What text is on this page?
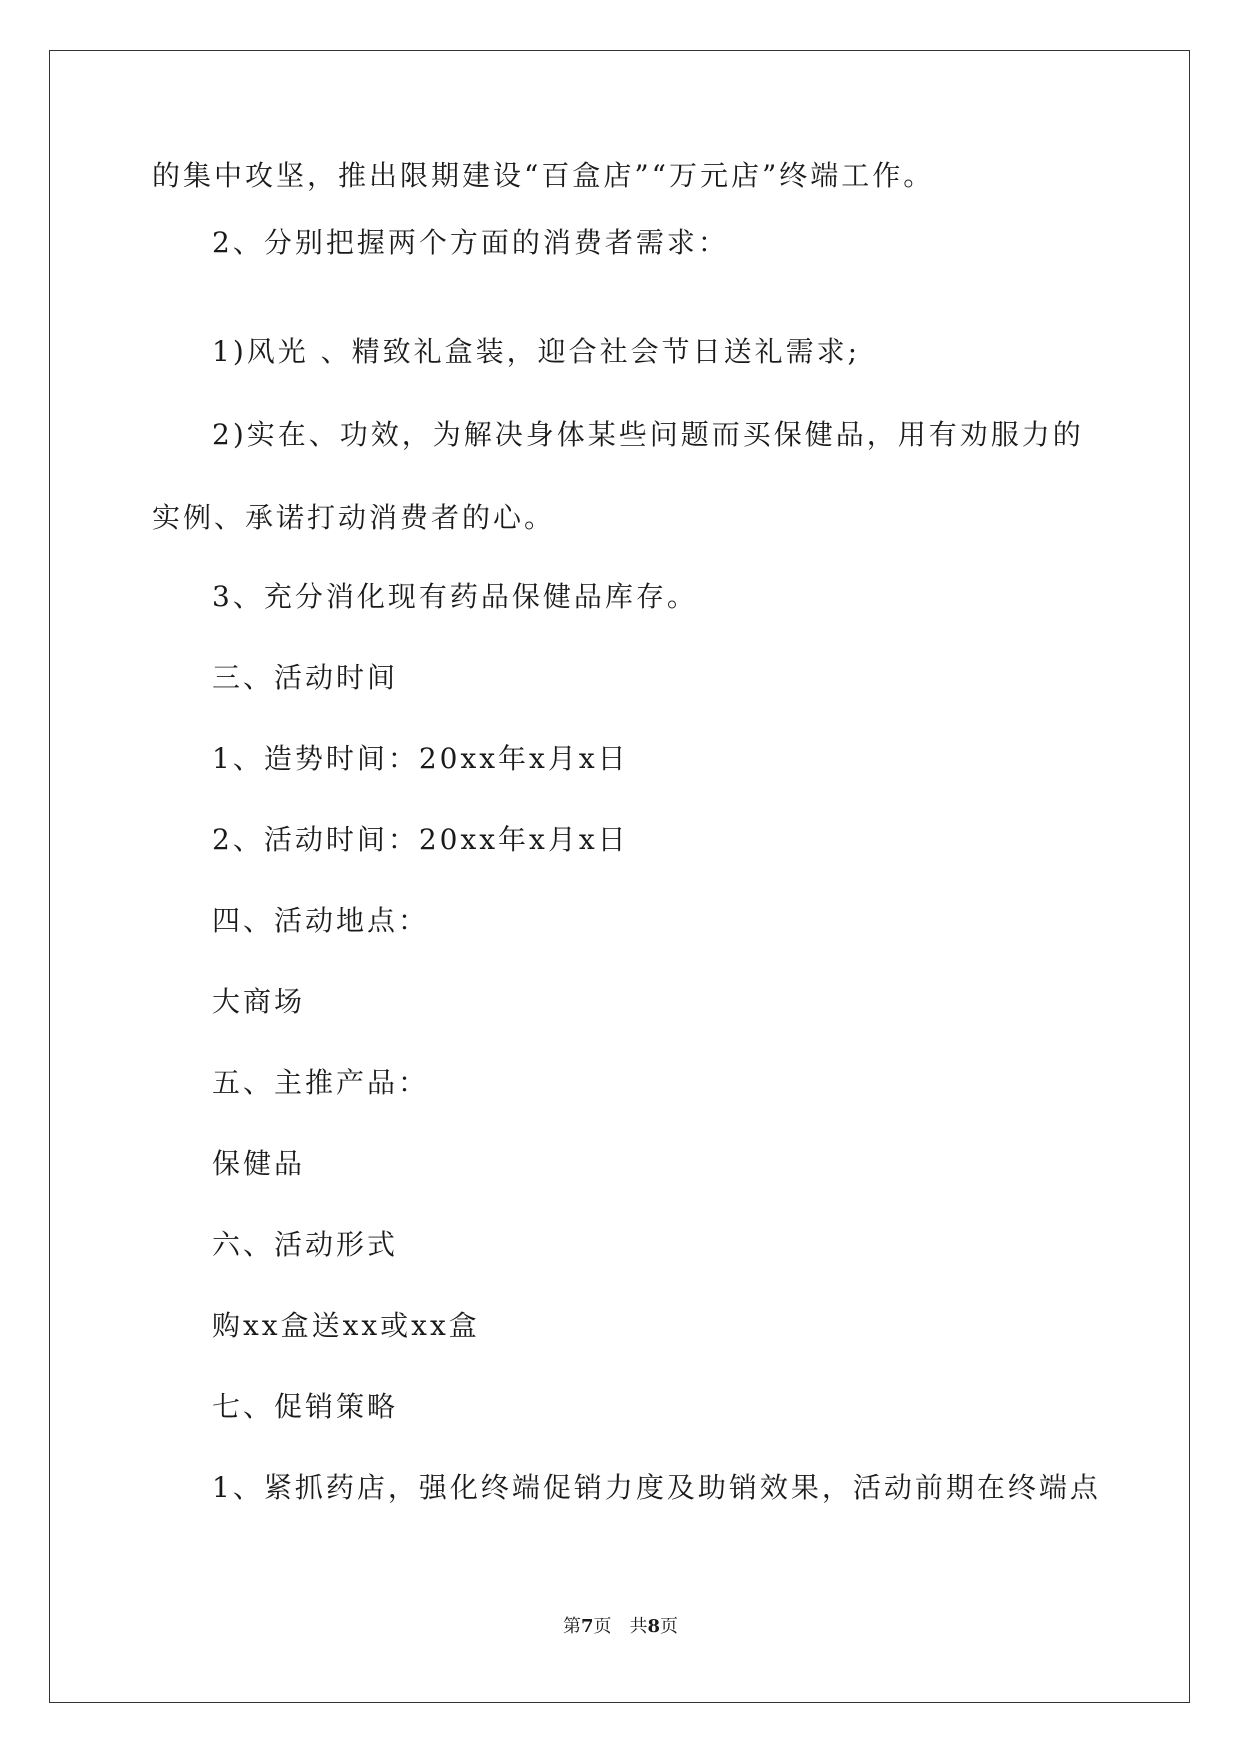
的集中攻坚，推出限期建设“百盒店”“万元店”终端工作。
2、分别把握两个方面的消费者需求：
1)风光 、精致礼盒装，迎合社会节日送礼需求;
2)实在、功效，为解决身体某些问题而买保健品，用有劝服力的
实例、承诺打动消费者的心。
3、充分消化现有药品保健品库存。
三、活动时间
1、造势时间：20xx年x月x日
2、活动时间：20xx年x月x日
四、活动地点：
大商场
五、主推产品：
保健品
六、活动形式
购xx盒送xx或xx盒
七、促销策略
1、紧抓药店，强化终端促销力度及助销效果，活动前期在终端点
第7页　共8页
